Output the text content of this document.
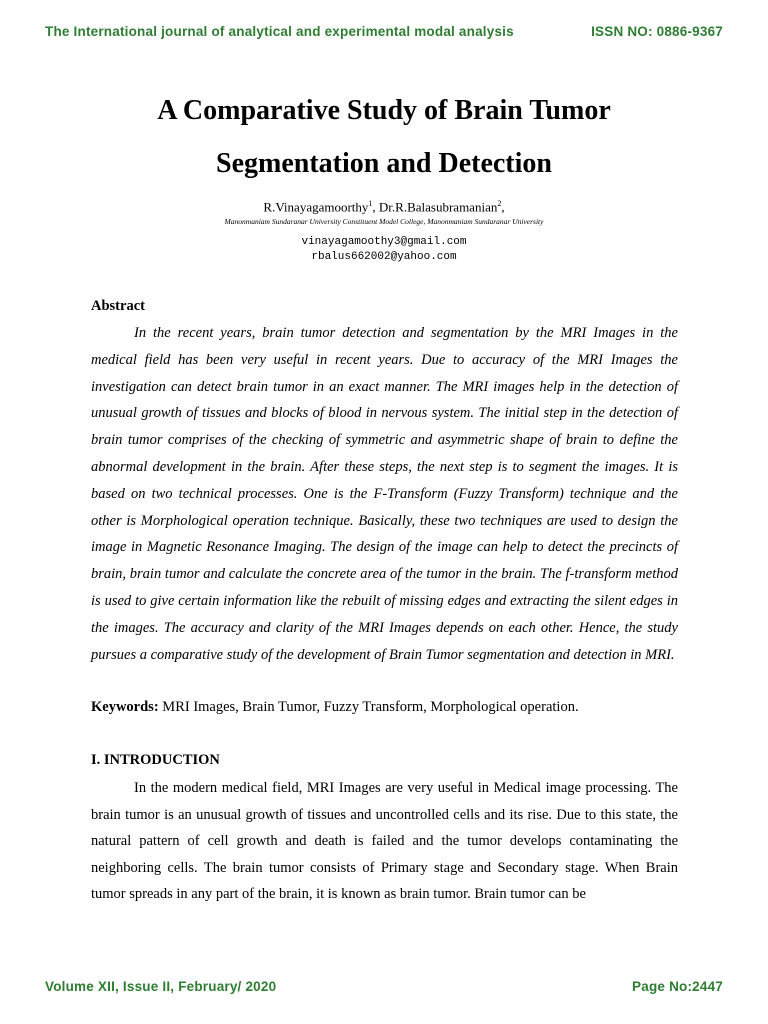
The International journal of analytical and experimental modal analysis	ISSN NO: 0886-9367
A Comparative Study of Brain Tumor
Segmentation and Detection
R.Vinayagamoorthy$^1$, Dr.R.Balasubramanian$^2$,
Manonmaniam Sundaranar University Constituent Model College, Manonmaniam Sundaranar University
vinayagamoothy3@gmail.com
rbalus662002@yahoo.com
Abstract

In the recent years, brain tumor detection and segmentation by the MRI Images in the medical field has been very useful in recent years. Due to accuracy of the MRI Images the investigation can detect brain tumor in an exact manner. The MRI images help in the detection of unusual growth of tissues and blocks of blood in nervous system. The initial step in the detection of brain tumor comprises of the checking of symmetric and asymmetric shape of brain to define the abnormal development in the brain. After these steps, the next step is to segment the images. It is based on two technical processes. One is the F-Transform (Fuzzy Transform) technique and the other is Morphological operation technique. Basically, these two techniques are used to design the image in Magnetic Resonance Imaging. The design of the image can help to detect the precincts of brain, brain tumor and calculate the concrete area of the tumor in the brain. The f-transform method is used to give certain information like the rebuilt of missing edges and extracting the silent edges in the images. The accuracy and clarity of the MRI Images depends on each other. Hence, the study pursues a comparative study of the development of Brain Tumor segmentation and detection in MRI.

Keywords: MRI Images, Brain Tumor, Fuzzy Transform, Morphological operation.
I. INTRODUCTION

In the modern medical field, MRI Images are very useful in Medical image processing. The brain tumor is an unusual growth of tissues and uncontrolled cells and its rise. Due to this state, the natural pattern of cell growth and death is failed and the tumor develops contaminating the neighboring cells. The brain tumor consists of Primary stage and Secondary stage. When Brain tumor spreads in any part of the brain, it is known as brain tumor. Brain tumor can be

Volume XII, Issue II, February/ 2020	Page No:2447
